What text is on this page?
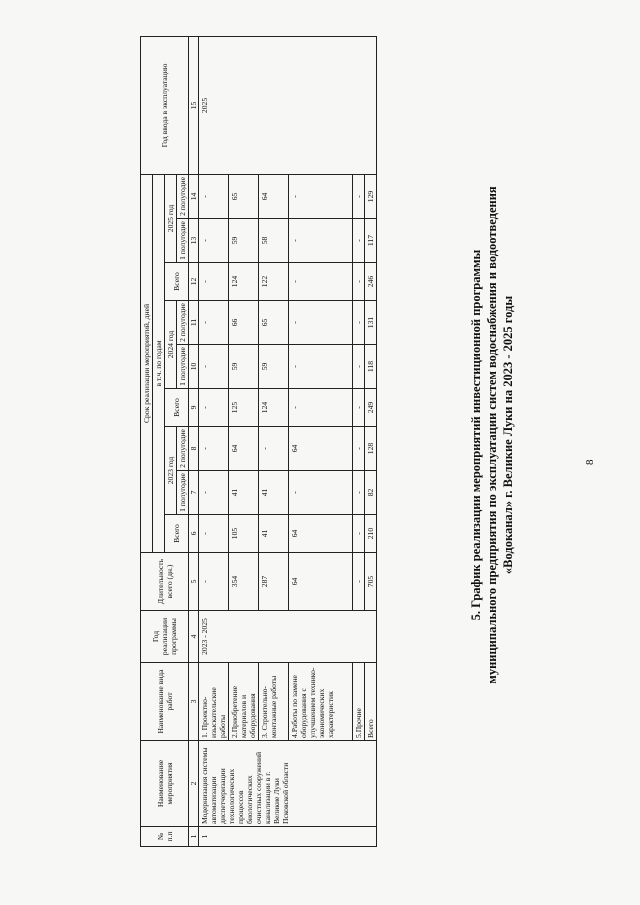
8
5. График реализации мероприятий инвестиционной программы муниципального предприятия по эксплуатации систем водоснабжения и водоотведения «Водоканал» г. Великие Луки на 2023 - 2025 годы
№ п.п	Наименование мероприятия	Наименование вида работ	Год реализации программы	Длительность всего (дн.)	Срок реализации мероприятий, дней									Год ввода в эксплуатацию
					в т.ч. по годам									
					Всего	2023 год		Всего	2024 год		Всего	2025 год		
						1 полугодие	2 полугодие		1 полугодие	2 полугодие		1 полугодие	2 полугодие	
1	2	3	4	5	6	7	8	9	10	11	12	13	14	15
1	Модернизация системы автоматизации диспетчеризации технологических процессов биологических очистных сооружений канализации в г. Великие Луки Псковской области	1. Проектно-изыскательские работы	2023 - 2025	-	-	-	-	-	-	-	-	-	-	2025
		2.Приобретение материалов и оборудования		354	105	41	64	125	59	66	124	59	65	
		3. Строительно-монтажные работы		287	41	41	-	124	59	65	122	58	64	
		4.Работы по замене оборудования с улучшением технико-экономических характеристик		64	64	-	64	-	-	-	-	-	-	
		5.Прочие		-	-	-	-	-	-	-	-	-	-	
		Всего		705	210	82	128	249	118	131	246	117	129	
